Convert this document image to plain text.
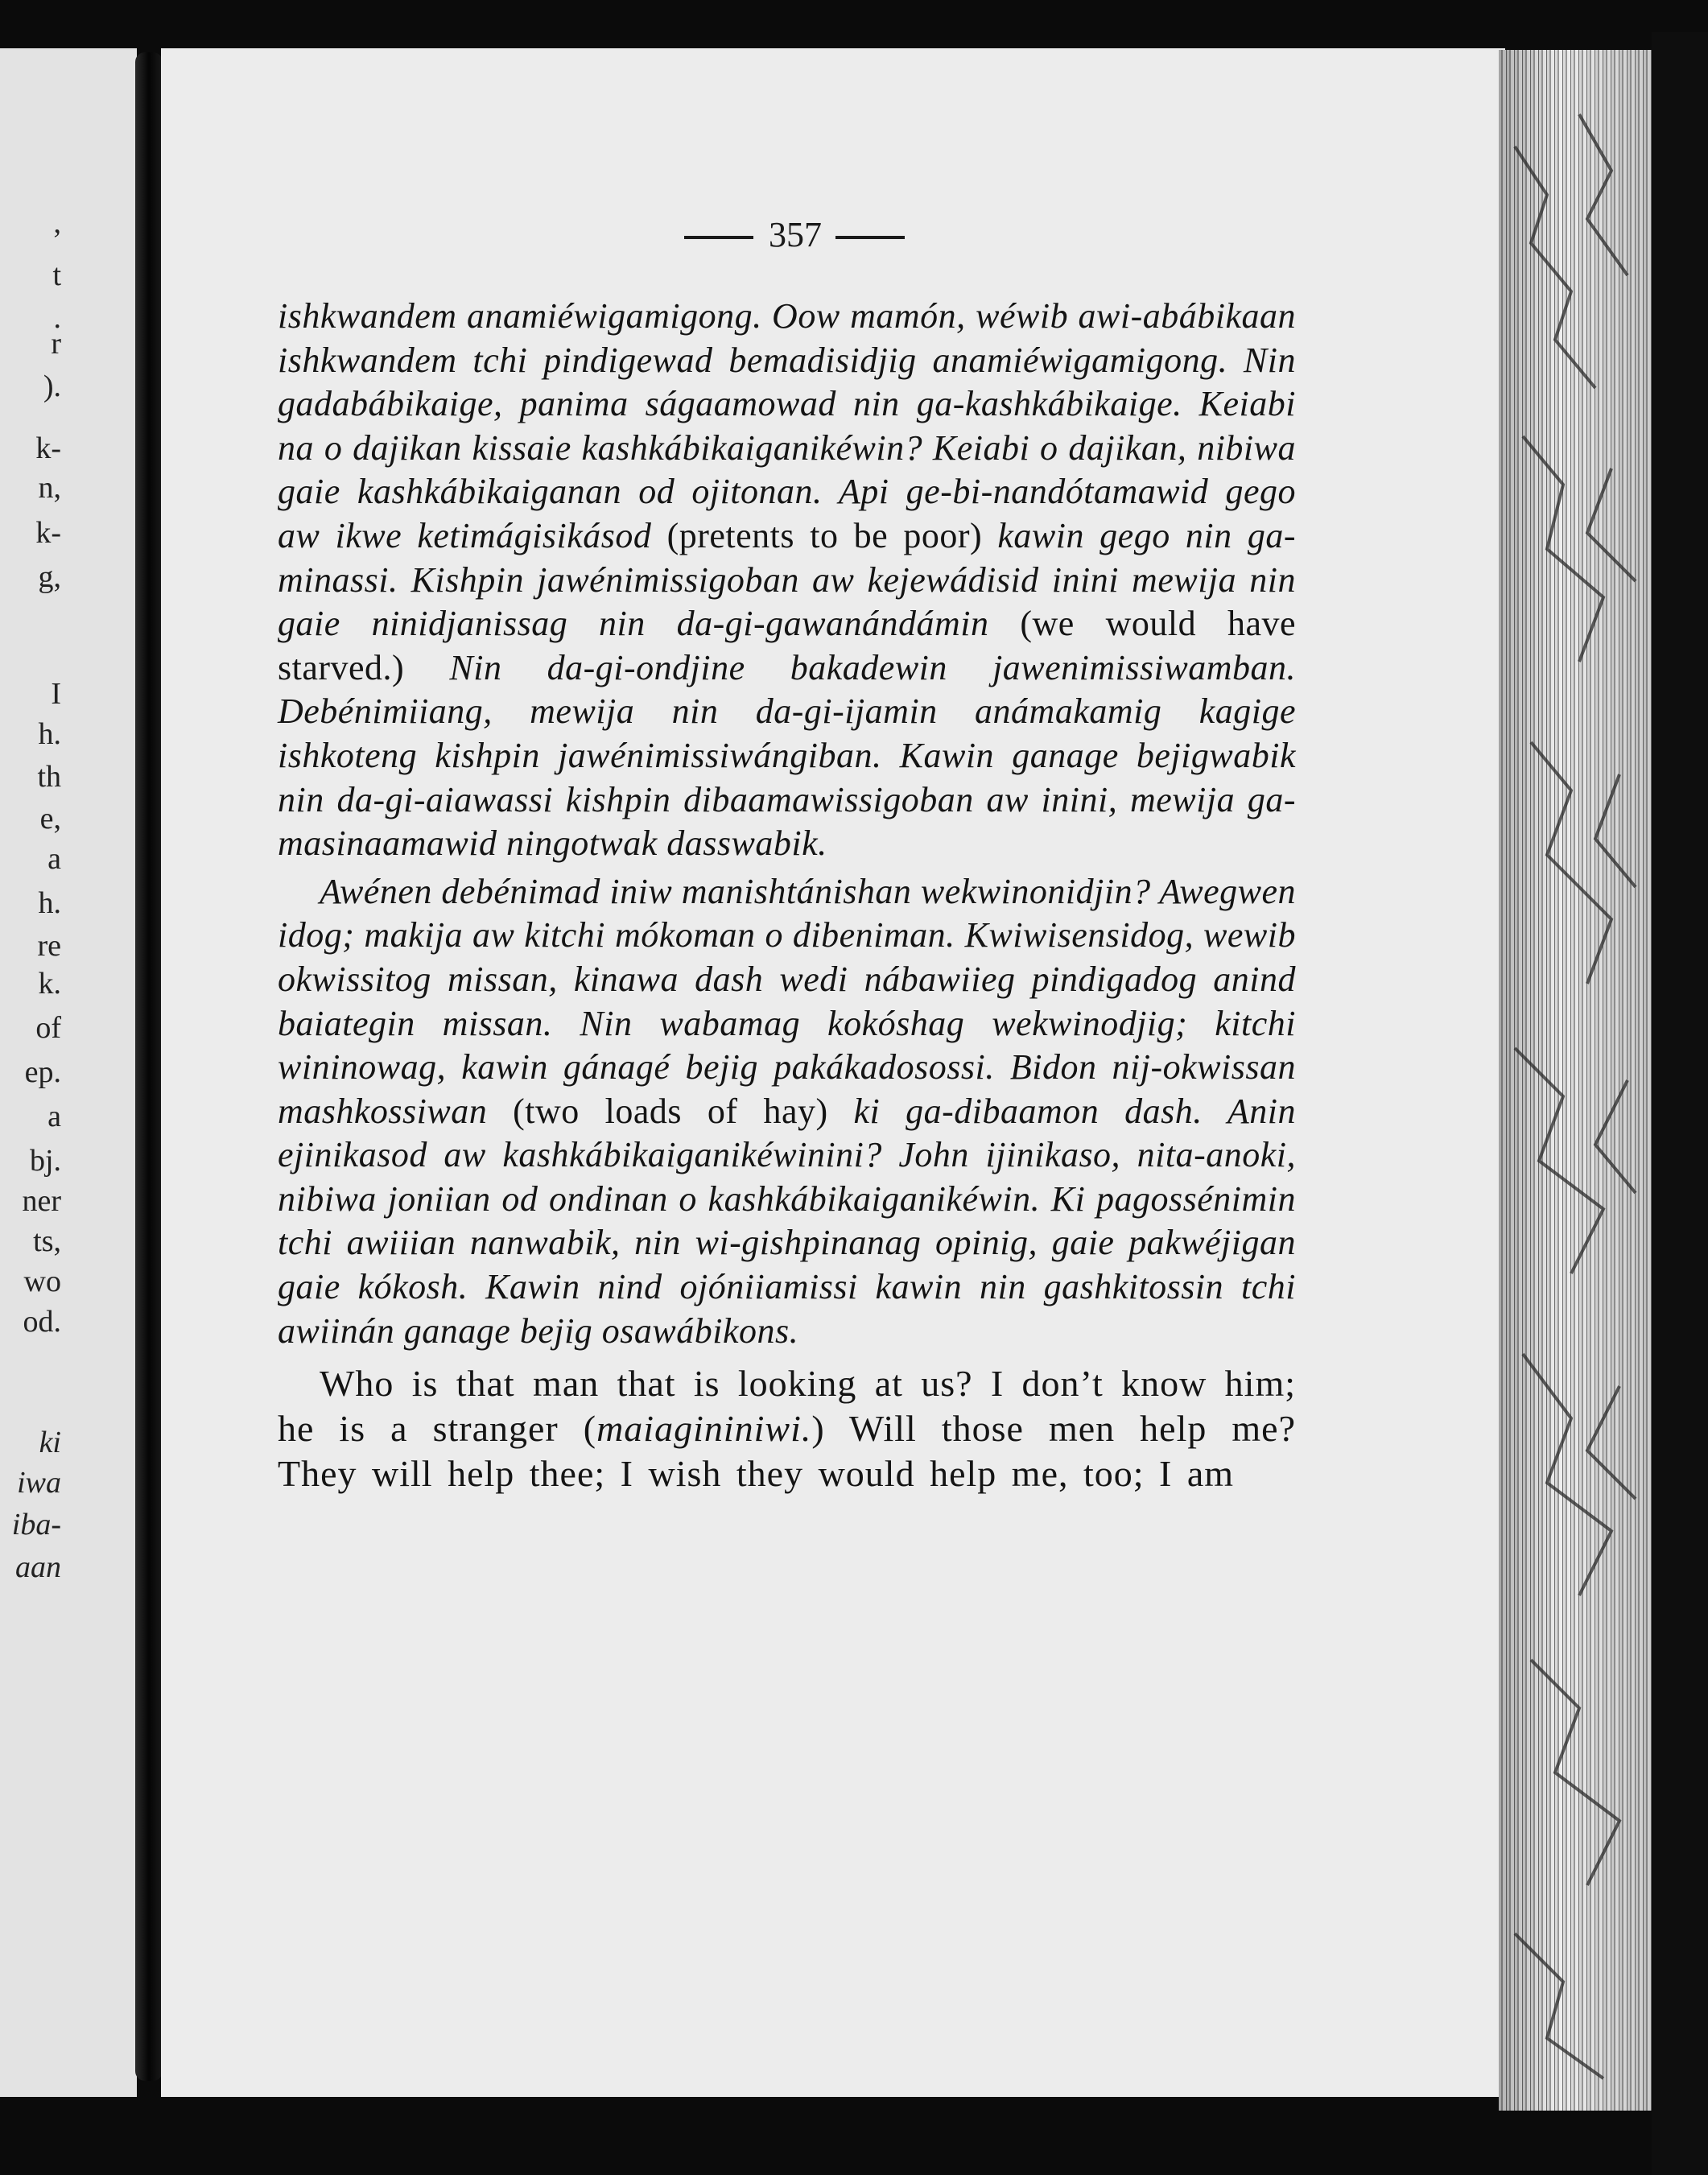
,
t
.
r
).
k-
n,
k-
g,
I
h.
th
e,
a
h.
re
k.
of
ep.
a
bj.
ner
ts,
wo
od.
ki
iwa
iba-
aan
357

ishkwandem anamiéwigamigong. Oow mamón, wéwib awi-abábikaan ishkwandem tchi pindigewad bemadisidjig anamiéwigamigong. Nin gadabábikaige, panima ságaamowad nin ga-kashkábikaige. Keiabi na o dajikan kissaie kashkábikaiganikéwin? Keiabi o dajikan, nibiwa gaie kashkábikaiganan od ojitonan. Api ge-bi-nandótamawid gego aw ikwe ketimágisikásod (pretents to be poor) kawin gego nin ga-minassi. Kishpin jawénimissigoban aw kejewádisid inini mewija nin gaie ninidjanissag nin da-gi-gawanándámin (we would have starved.) Nin da-gi-ondjine bakadewin jawenimissiwamban. Debénimiiang, mewija nin da-gi-ijamin anámakamig kagige ishkoteng kishpin jawénimissiwángiban. Kawin ganage bejigwabik nin da-gi-aiawassi kishpin dibaamawissigoban aw inini, mewija ga-masinaamawid ningotwak dasswabik.

Awénen debénimad iniw manishtánishan wekwinonidjin? Awegwen idog; makija aw kitchi mókoman o dibeniman. Kwiwisensidog, wewib okwissitog missan, kinawa dash wedi nábawiieg pindigadog anind baiategin missan. Nin wabamag kokóshag wekwinodjig; kitchi wininowag, kawin gánagé bejig pakákadosossi. Bidon nij-okwissan mashkossiwan (two loads of hay) ki ga-dibaamon dash. Anin ejinikasod aw kashkábikaiganikéwinini? John ijinikaso, nita-anoki, nibiwa joniian od ondinan o kashkábikaiganikéwin. Ki pagossénimin tchi awiiian nanwabik, nin wi-gishpinanag opinig, gaie pakwéjigan gaie kókosh. Kawin nind ojóniiamissi kawin nin gashkitossin tchi awiinán ganage bejig osawábikons.

Who is that man that is looking at us? I don’t know him; he is a stranger (maiagininiwi.) Will those men help me? They will help thee; I wish they would help me, too; I am
